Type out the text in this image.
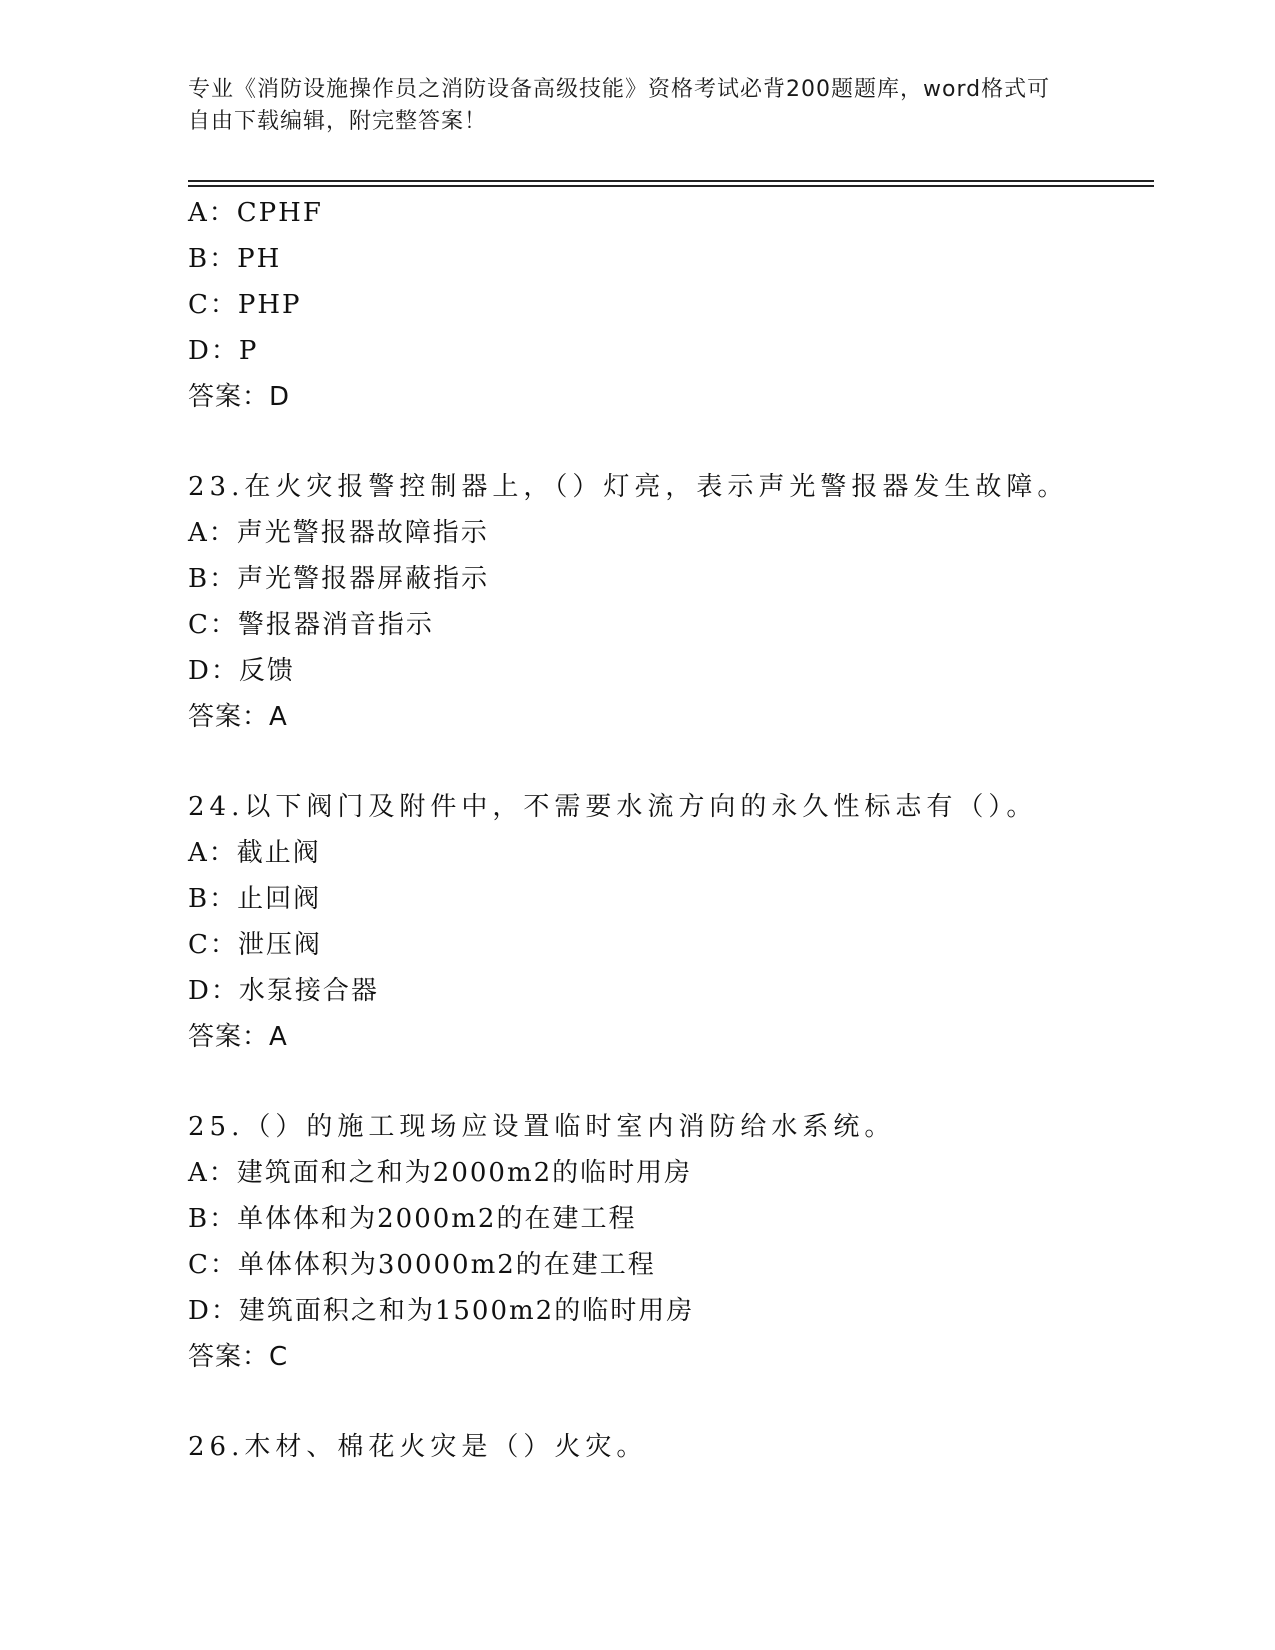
专业《消防设施操作员之消防设备高级技能》资格考试必背200题题库，word格式可自由下载编辑，附完整答案！
A：CPHF
B：PH
C：PHP
D：P
答案：D
23.在火灾报警控制器上，（）灯亮，表示声光警报器发生故障。
A：声光警报器故障指示
B：声光警报器屏蔽指示
C：警报器消音指示
D：反馈
答案：A
24.以下阀门及附件中，不需要水流方向的永久性标志有（）。
A：截止阀
B：止回阀
C：泄压阀
D：水泵接合器
答案：A
25.（）的施工现场应设置临时室内消防给水系统。
A：建筑面和之和为2000m2的临时用房
B：单体体和为2000m2的在建工程
C：单体体积为30000m2的在建工程
D：建筑面积之和为1500m2的临时用房
答案：C
26.木材、棉花火灾是（）火灾。
